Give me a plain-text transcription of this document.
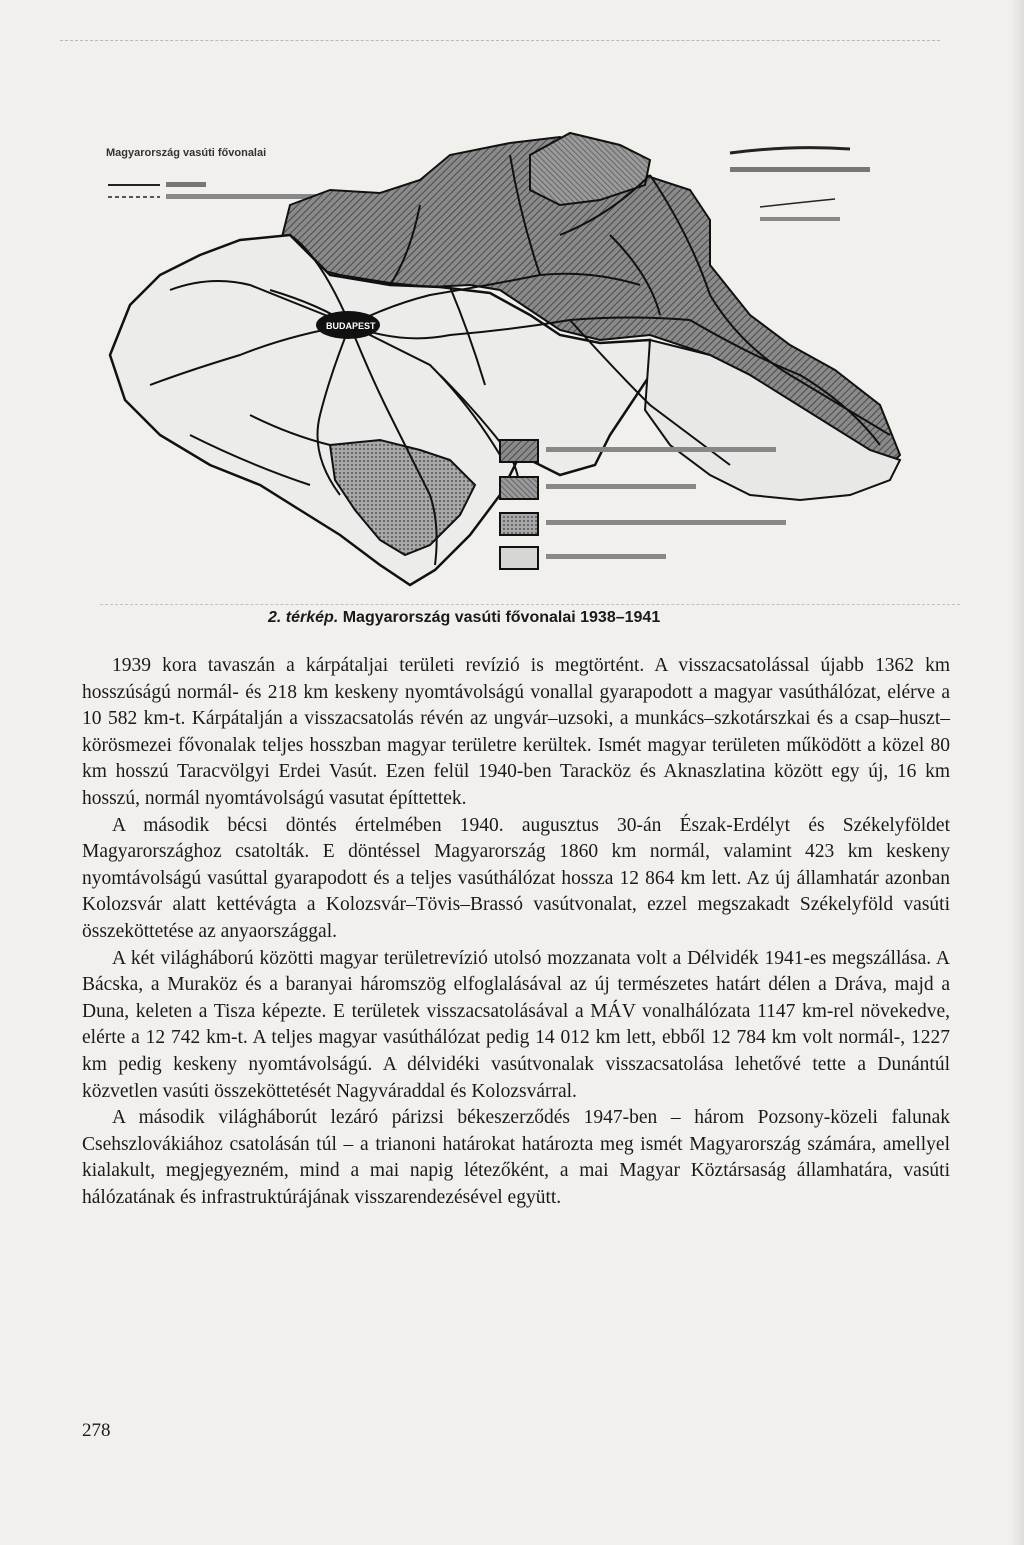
BUDAPEST
Magyarország vasúti fővonalai
2. térkép. Magyarország vasúti fővonalai 1938–1941

1939 kora tavaszán a kárpátaljai területi revízió is megtörtént. A visszacsatolással újabb 1362 km hosszúságú normál- és 218 km keskeny nyomtávolságú vonallal gyarapodott a magyar vasúthálózat, elérve a 10 582 km-t. Kárpátalján a visszacsatolás révén az ungvár–uzsoki, a munkács–szkotárszkai és a csap–huszt–körösmezei fővonalak teljes hosszban magyar területre kerültek. Ismét magyar területen működött a közel 80 km hosszú Taracvölgyi Erdei Vasút. Ezen felül 1940-ben Taracköz és Aknaszlatina között egy új, 16 km hosszú, normál nyomtávolságú vasutat építtettek.

A második bécsi döntés értelmében 1940. augusztus 30-án Észak-Erdélyt és Székelyföldet Magyarországhoz csatolták. E döntéssel Magyarország 1860 km normál, valamint 423 km keskeny nyomtávolságú vasúttal gyarapodott és a teljes vasúthálózat hossza 12 864 km lett. Az új államhatár azonban Kolozsvár alatt kettévágta a Kolozsvár–Tövis–Brassó vasútvonalat, ezzel megszakadt Székelyföld vasúti összeköttetése az anyaországgal.

A két világháború közötti magyar területrevízió utolsó mozzanata volt a Délvidék 1941-es megszállása. A Bácska, a Muraköz és a baranyai háromszög elfoglalásával az új természetes határt délen a Dráva, majd a Duna, keleten a Tisza képezte. E területek visszacsatolásával a MÁV vonalhálózata 1147 km-rel növekedve, elérte a 12 742 km-t. A teljes magyar vasúthálózat pedig 14 012 km lett, ebből 12 784 km volt normál-, 1227 km pedig keskeny nyomtávolságú. A délvidéki vasútvonalak visszacsatolása lehetővé tette a Dunántúl közvetlen vasúti összeköttetését Nagyváraddal és Kolozsvárral.

A második világháborút lezáró párizsi békeszerződés 1947-ben – három Pozsony-közeli falunak Csehszlovákiához csatolásán túl – a trianoni határokat határozta meg ismét Magyarország számára, amellyel kialakult, megjegyezném, mind a mai napig létezőként, a mai Magyar Köztársaság államhatára, vasúti hálózatának és infrastruktúrájának visszarendezésével együtt.

278
